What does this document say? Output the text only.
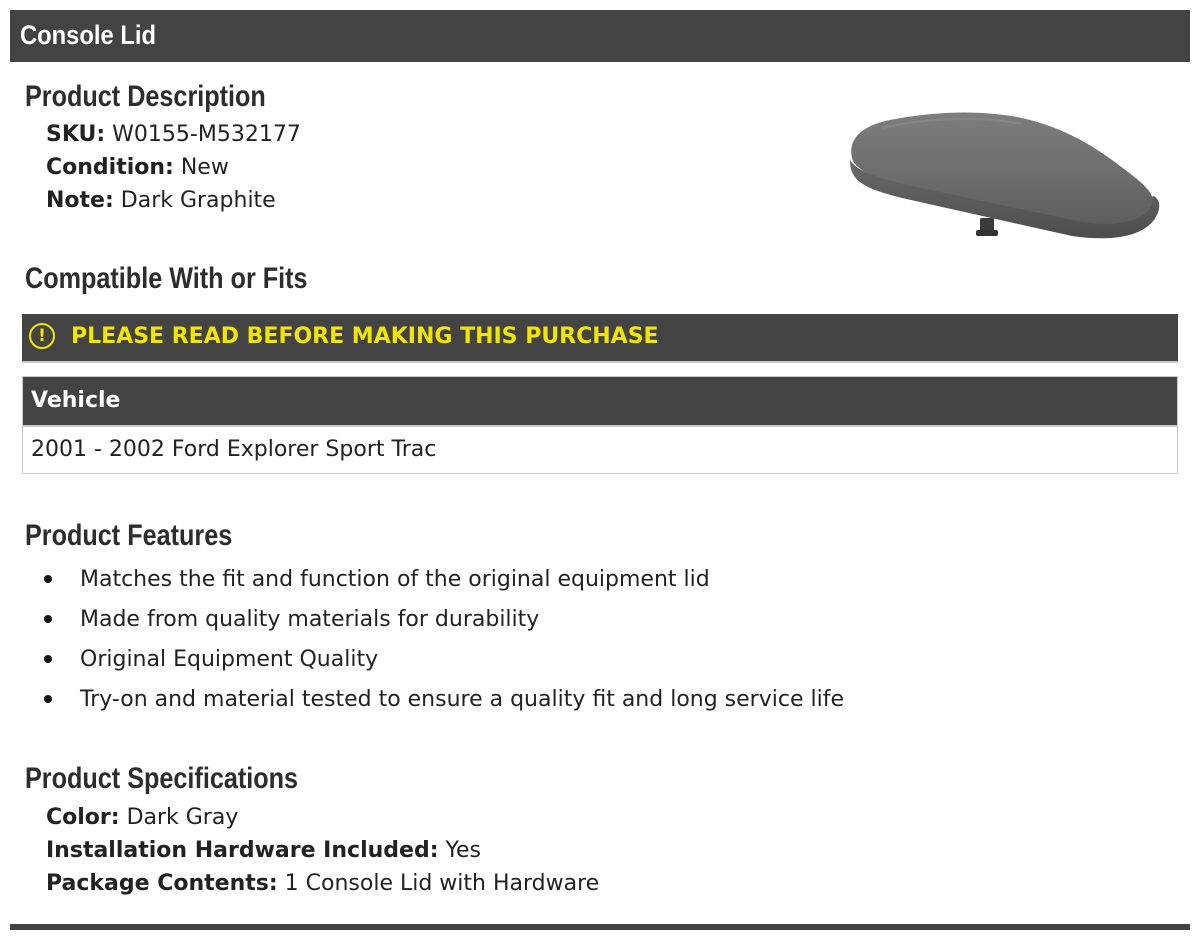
Console Lid
Product Description
SKU: W0155-M532177
Condition: New
Note: Dark Graphite
Compatible With or Fits
!	PLEASE READ BEFORE MAKING THIS PURCHASE
Vehicle
2001 - 2002 Ford Explorer Sport Trac
Product Features
Matches the fit and function of the original equipment lid
Made from quality materials for durability
Original Equipment Quality
Try-on and material tested to ensure a quality fit and long service life
Product Specifications
Color: Dark Gray
Installation Hardware Included: Yes
Package Contents: 1 Console Lid with Hardware
